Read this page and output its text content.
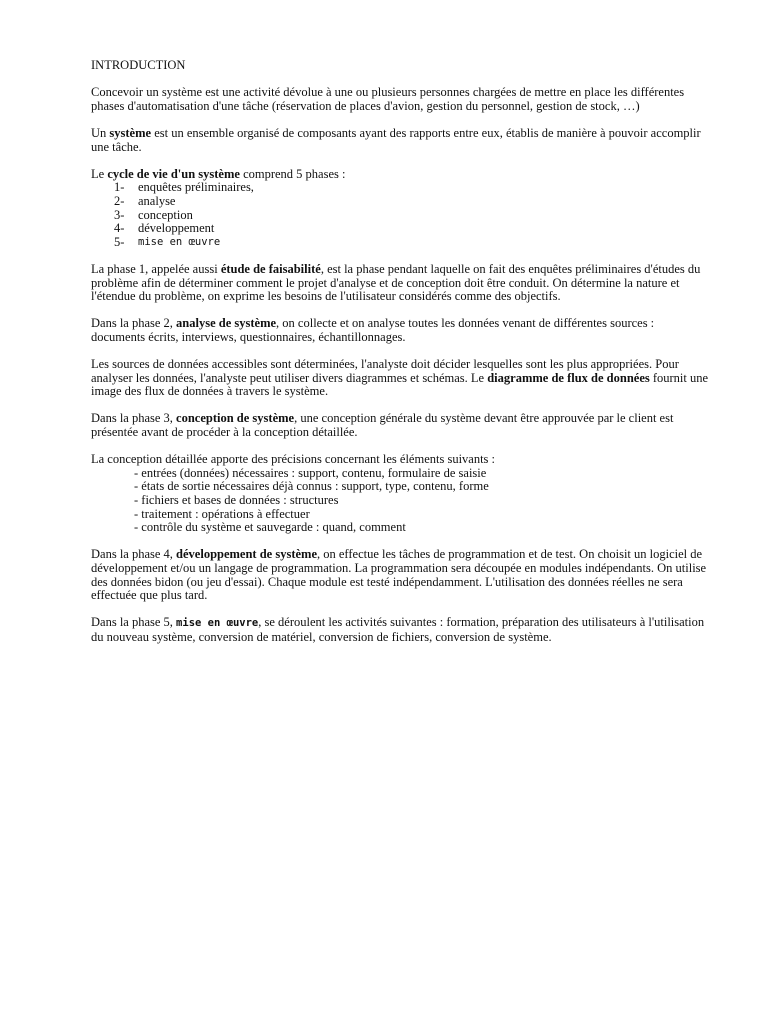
INTRODUCTION

Concevoir un système est une activité dévolue à une ou plusieurs personnes chargées de mettre en place les différentes phases d'automatisation d'une tâche (réservation de places d'avion, gestion du personnel, gestion de stock, …)

Un système est un ensemble organisé de composants ayant des rapports entre eux, établis de manière à pouvoir accomplir une tâche.

Le cycle de vie d'un système comprend 5 phases :

1-	enquêtes préliminaires,
2-	analyse
3-	conception
4-	développement
5-	mise en œuvre

La phase 1, appelée aussi étude de faisabilité, est la phase pendant laquelle on fait des enquêtes préliminaires d'études du problème afin de déterminer comment le projet d'analyse et de conception doit être conduit. On détermine la nature et l'étendue du problème, on exprime les besoins de l'utilisateur considérés comme des objectifs.

Dans la phase 2, analyse de système, on collecte et on analyse toutes les données venant de différentes sources : documents écrits, interviews, questionnaires, échantillonnages.

Les sources de données accessibles sont déterminées, l'analyste doit décider lesquelles sont les plus appropriées. Pour analyser les données, l'analyste peut utiliser divers diagrammes et schémas. Le diagramme de flux de données fournit une image des flux de données à travers le système.

Dans la phase 3, conception de système, une conception générale du système devant être approuvée par le client est présentée avant de procéder à la conception détaillée.

La conception détaillée apporte des précisions concernant les éléments suivants :

- entrées (données) nécessaires : support, contenu, formulaire de saisie
- états de sortie nécessaires déjà connus : support, type, contenu, forme
- fichiers et bases de données : structures
- traitement : opérations à effectuer
- contrôle du système et sauvegarde : quand, comment

Dans la phase 4, développement de système, on effectue les tâches de programmation et de test. On choisit un logiciel de développement et/ou un langage de programmation. La programmation sera découpée en modules indépendants. On utilise des données bidon (ou jeu d'essai). Chaque module est testé indépendamment. L'utilisation des données réelles ne sera effectuée que plus tard.

Dans la phase 5, mise en œuvre, se déroulent les activités suivantes : formation, préparation des utilisateurs à l'utilisation du nouveau système, conversion de matériel, conversion de fichiers, conversion de système.
